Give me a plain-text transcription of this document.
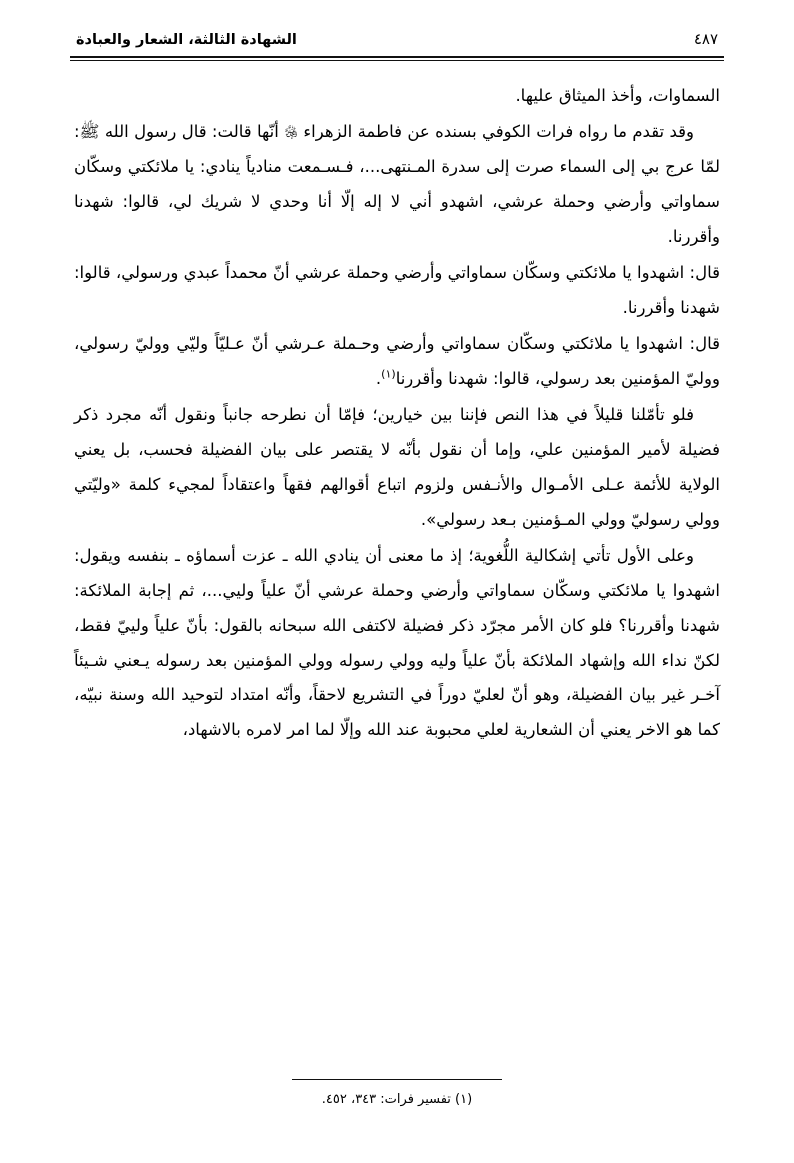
الشهادة الثالثة، الشعار والعبادة	٤٨٧

السماوات، وأخذ الميثاق عليها.

وقد تقدم ما رواه فرات الكوفي بسنده عن فاطمة الزهراء ﷿ أنّها قالت: قال رسول الله ﷺ: لمّا عرج بي إلى السماء صرت إلى سدرة المـنتهى...، فـسـمعت منادياً ينادي: يا ملائكتي وسكّان سماواتي وأرضي وحملة عرشي، اشهدو أني لا إله إلّا أنا وحدي لا شريك لي، قالوا: شهدنا وأقررنا.

قال: اشهدوا يا ملائكتي وسكّان سماواتي وأرضي وحملة عرشي أنّ محمداً عبدي ورسولي، قالوا: شهدنا وأقررنا.

قال: اشهدوا يا ملائكتي وسكّان سماواتي وأرضي وحـملة عـرشي أنّ عـليّاً وليّي ووليّ رسولي، ووليّ المؤمنين بعد رسولي، قالوا: شهدنا وأقررنا$^{(١)}$.

فلو تأمّلنا قليلاً في هذا النص فإننا بين خيارين؛ فإمّا أن نطرحه جانباً ونقول أنّه مجرد ذكر فضيلة لأمير المؤمنين علي، وإما أن نقول بأنّه لا يقتصر على بيان الفضيلة فحسب، بل يعني الولاية للأئمة عـلى الأمـوال والأنـفس ولزوم اتباع أقوالهم فقهاً واعتقاداً لمجيء كلمة «وليّتي وولي رسوليّ وولي المـؤمنين بـعد رسولي».

وعلى الأول تأتي إشكالية اللُّغوية؛ إذ ما معنى أن ينادي الله ـ عزت أسماؤه ـ بنفسه ويقول: اشهدوا يا ملائكتي وسكّان سماواتي وأرضي وحملة عرشي أنّ علياً وليي...، ثم إجابة الملائكة: شهدنا وأقررنا؟ فلو كان الأمر مجرّد ذكر فضيلة لاكتفى الله سبحانه بالقول: بأنّ علياً ولييّ فقط، لكنّ نداء الله وإشهاد الملائكة بأنّ علياً وليه وولي رسوله وولي المؤمنين بعد رسوله يـعني شـيئاً آخـر غير بيان الفضيلة، وهو أنّ لعليّ دوراً في التشريع لاحقاً، وأنّه امتداد لتوحيد الله وسنة نبيّه، كما هو الاخر يعني أن الشعارية لعلي محبوبة عند الله وإلّا لما امر لامره بالاشهاد،

(١) تفسير فرات: ٣٤٣، ٤٥٢.
